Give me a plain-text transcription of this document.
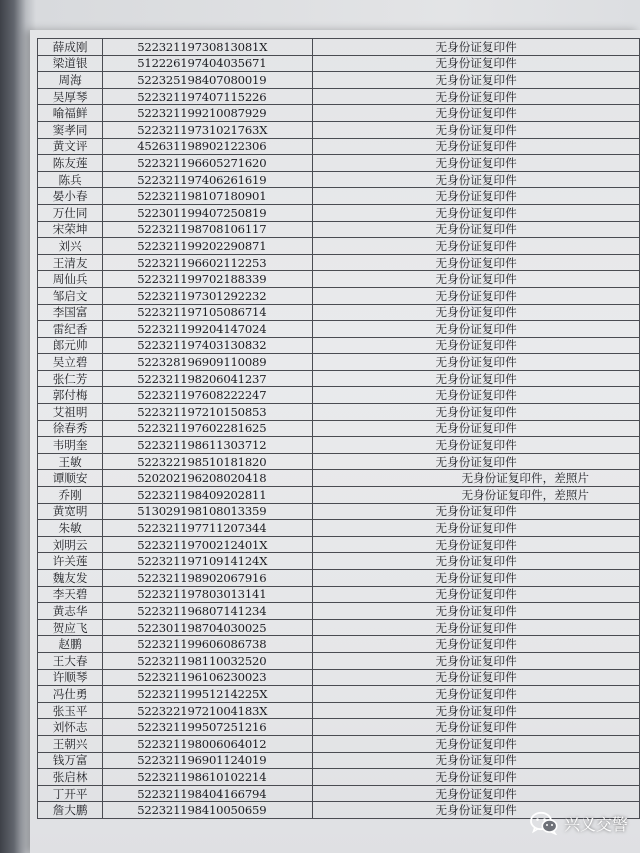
薛成刚	52232119730813081X	无身份证复印件
梁道银	512226197404035671	无身份证复印件
周海	522325198407080019	无身份证复印件
吴厚琴	522321197407115226	无身份证复印件
喻福鲜	522321199210087929	无身份证复印件
窦孝同	52232119731021763X	无身份证复印件
黄文评	452631198902122306	无身份证复印件
陈友莲	522321196605271620	无身份证复印件
陈兵	522321197406261619	无身份证复印件
晏小春	522321198107180901	无身份证复印件
万仕同	522301199407250819	无身份证复印件
宋荣坤	522321198708106117	无身份证复印件
刘兴	522321199202290871	无身份证复印件
王清友	522321196602112253	无身份证复印件
周仙兵	522321199702188339	无身份证复印件
邹启文	522321197301292232	无身份证复印件
李国富	522321197105086714	无身份证复印件
雷纪香	522321199204147024	无身份证复印件
郎元帅	522321197403130832	无身份证复印件
吴立碧	522328196909110089	无身份证复印件
张仁芳	522321198206041237	无身份证复印件
郭付梅	522321197608222247	无身份证复印件
艾祖明	522321197210150853	无身份证复印件
徐春秀	522321197602281625	无身份证复印件
韦明奎	522321198611303712	无身份证复印件
王敏	522322198510181820	无身份证复印件
谭顺安	520202196208020418	无身份证复印件，差照片
乔刚	522321198409202811	无身份证复印件，差照片
黄宽明	513029198108013359	无身份证复印件
朱敏	522321197711207344	无身份证复印件
刘明云	52232119700212401X	无身份证复印件
许关莲	52232119710914124X	无身份证复印件
魏友发	522321198902067916	无身份证复印件
李天碧	522321197803013141	无身份证复印件
黄志华	522321196807141234	无身份证复印件
贺应飞	522301198704030025	无身份证复印件
赵鹏	522321199606086738	无身份证复印件
王大春	522321198110032520	无身份证复印件
许顺琴	522321196106230023	无身份证复印件
冯仕勇	52232119951214225X	无身份证复印件
张玉平	52232219721004183X	无身份证复印件
刘怀志	522321199507251216	无身份证复印件
王朝兴	522321198006064012	无身份证复印件
钱万富	522321196901124019	无身份证复印件
张启林	522321198610102214	无身份证复印件
丁开平	522321198404166794	无身份证复印件
詹大鹏	522321198410050659	无身份证复印件
兴义交警
